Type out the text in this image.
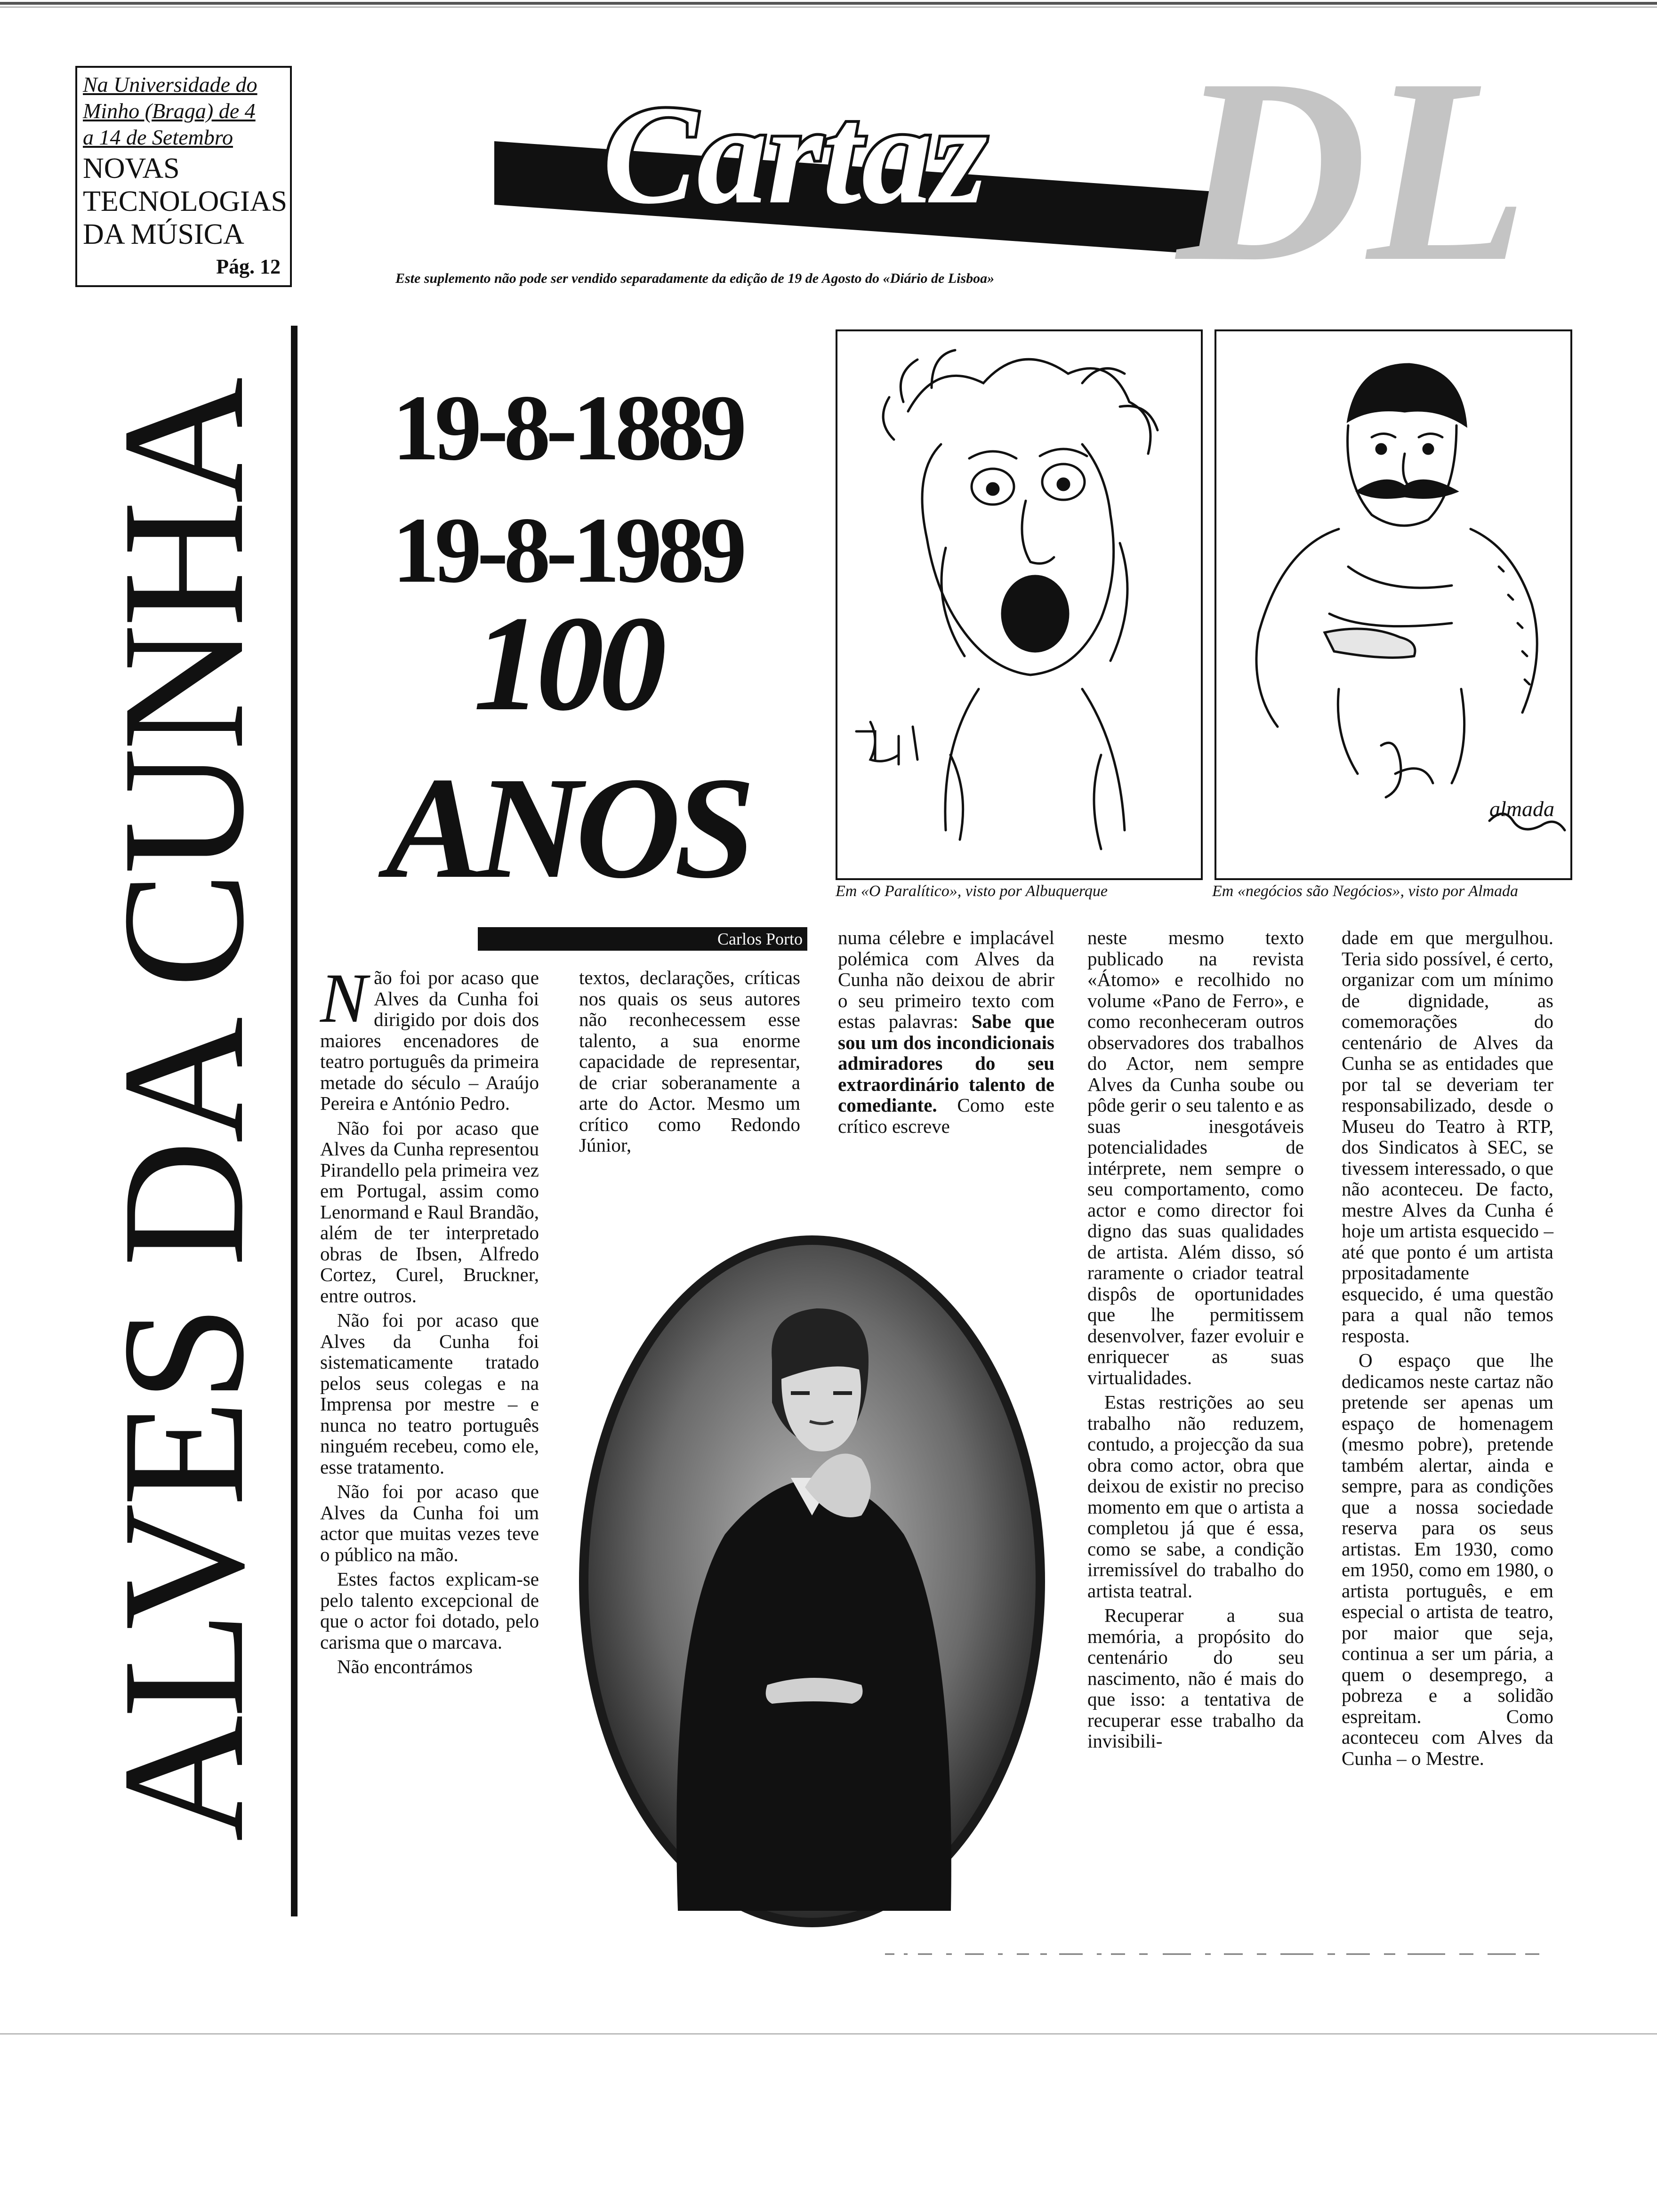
Na Universidade do
Minho (Braga) de 4
a 14 de Setembro
NOVAS
TECNOLOGIAS
DA MÚSICA
Pág. 12	DL
Cartaz
Este suplemento não pode ser vendido separadamente da edição de 19 de Agosto do «Diário de Lisboa»
ALVES DA CUNHA	19-8-1889
19-8-1989
100
ANOS	Em «O Paralítico», visto por Albuquerque
almada
Em «negócios são Negócios», visto por Almada
Carlos Porto

Não foi por acaso que Alves da Cunha foi dirigido por dois dos maiores encenadores de teatro português da primeira metade do século – Araújo Pereira e António Pedro.

Não foi por acaso que Alves da Cunha representou Pirandello pela primeira vez em Portugal, assim como Lenormand e Raul Brandão, além de ter interpretado obras de Ibsen, Alfredo Cortez, Curel, Bruckner, entre outros.

Não foi por acaso que Alves da Cunha foi sistematicamente tratado pelos seus colegas e na Imprensa por mestre – e nunca no teatro português ninguém recebeu, como ele, esse tratamento.

Não foi por acaso que Alves da Cunha foi um actor que muitas vezes teve o público na mão.

Estes factos explicam-se pelo talento excepcional de que o actor foi dotado, pelo carisma que o marcava.

Não encontrámos

textos, declarações, críticas nos quais os seus autores não reconhecessem esse talento, a sua enorme capacidade de representar, de criar soberanamente a arte do Actor. Mesmo um crítico como Redondo Júnior,

numa célebre e implacável polémica com Alves da Cunha não deixou de abrir o seu primeiro texto com estas palavras: Sabe que sou um dos incondicionais admiradores do seu extraordinário talento de comediante. Como este crítico escreve

neste mesmo texto publicado na revista «Átomo» e recolhido no volume «Pano de Ferro», e como reconheceram outros observadores dos trabalhos do Actor, nem sempre Alves da Cunha soube ou pôde gerir o seu talento e as suas inesgotáveis potencialidades de intérprete, nem sempre o seu comportamento, como actor e como director foi digno das suas qualidades de artista. Além disso, só raramente o criador teatral dispôs de oportunidades que lhe permitissem desenvolver, fazer evoluir e enriquecer as suas virtualidades.

Estas restrições ao seu trabalho não reduzem, contudo, a projecção da sua obra como actor, obra que deixou de existir no preciso momento em que o artista a completou já que é essa, como se sabe, a condição irremissível do trabalho do artista teatral.

Recuperar a sua memória, a propósito do centenário do seu nascimento, não é mais do que isso: a tentativa de recuperar esse trabalho da invisibili-

dade em que mergulhou. Teria sido possível, é certo, organizar com um mínimo de dignidade, as comemorações do centenário de Alves da Cunha se as entidades que por tal se deveriam ter responsabilizado, desde o Museu do Teatro à RTP, dos Sindicatos à SEC, se tivessem interessado, o que não aconteceu. De facto, mestre Alves da Cunha é hoje um artista esquecido – até que ponto é um artista prpositadamente esquecido, é uma questão para a qual não temos resposta.

O espaço que lhe dedicamos neste cartaz não pretende ser apenas um espaço de homenagem (mesmo pobre), pretende também alertar, ainda e sempre, para as condições que a nossa sociedade reserva para os seus artistas. Em 1930, como em 1950, como em 1980, o artista português, e em especial o artista de teatro, por maior que seja, continua a ser um pária, a quem o desemprego, a pobreza e a solidão espreitam. Como aconteceu com Alves da Cunha – o Mestre.
